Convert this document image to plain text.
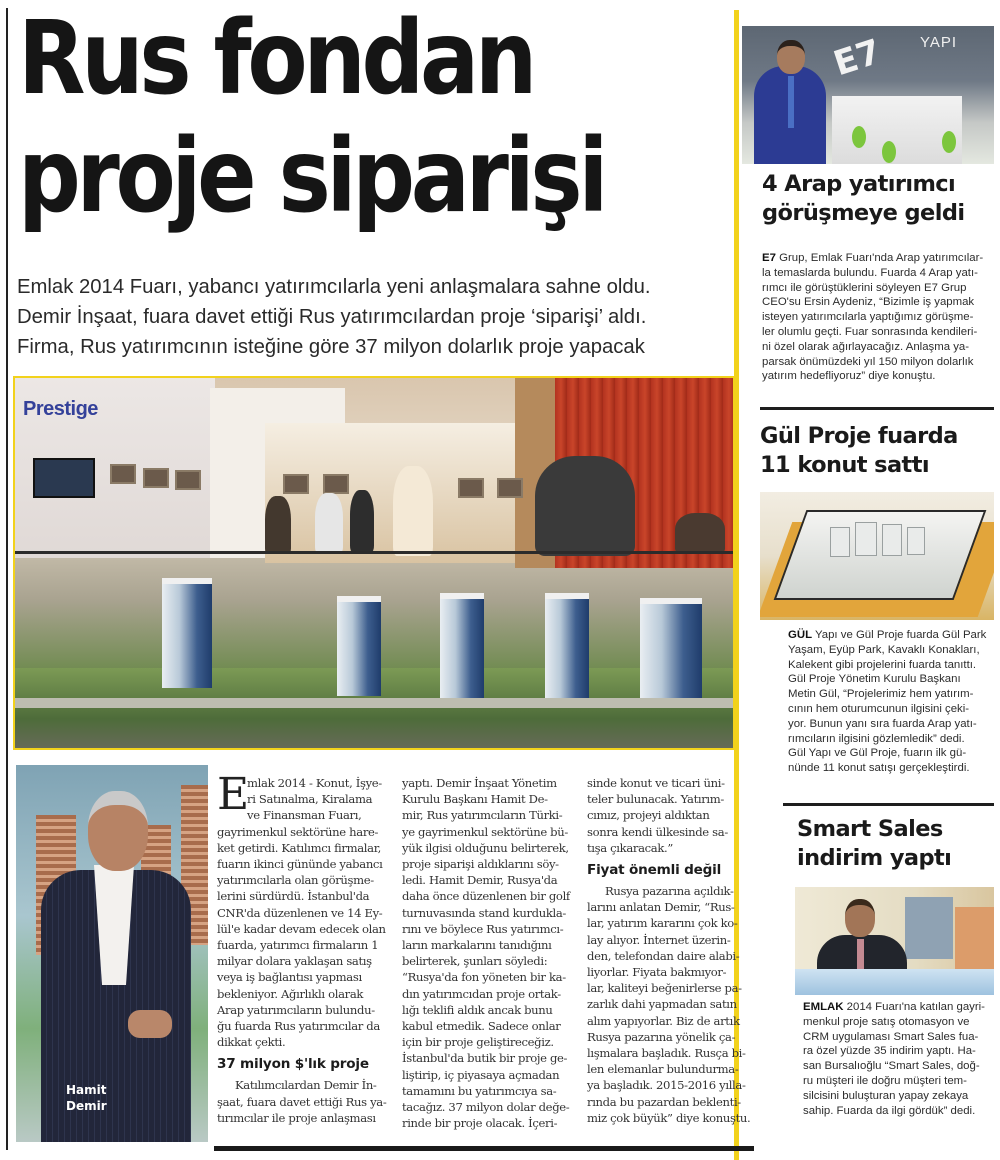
Rus fondan
proje siparişi
Emlak 2014 Fuarı, yabancı yatırımcılarla yeni anlaşmalara sahne oldu.
Demir İnşaat, fuara davet ettiği Rus yatırımcılardan proje ‘siparişi’ aldı.
Firma, Rus yatırımcının isteğine göre 37 milyon dolarlık proje yapacak
Prestige
Hamit
Demir
E
mlak 2014 - Konut, İşye-
ri Satınalma, Kiralama
ve Finansman Fuarı,
gayrimenkul sektörüne hare-
ket getirdi. Katılımcı firmalar,
fuarın ikinci gününde yabancı
yatırımcılarla olan görüşme-
lerini sürdürdü. İstanbul'da
CNR'da düzenlenen ve 14 Ey-
lül'e kadar devam edecek olan
fuarda, yatırımcı firmaların 1
milyar dolara yaklaşan satış
veya iş bağlantısı yapması
bekleniyor. Ağırlıklı olarak
Arap yatırımcıların bulundu-
ğu fuarda Rus yatırımcılar da
dikkat çekti.
37 milyon $'lık proje
Katılımcılardan Demir İn-
şaat, fuara davet ettiği Rus ya-
tırımcılar ile proje anlaşması
yaptı. Demir İnşaat Yönetim
Kurulu Başkanı Hamit De-
mir, Rus yatırımcıların Türki-
ye gayrimenkul sektörüne bü-
yük ilgisi olduğunu belirterek,
proje siparişi aldıklarını söy-
ledi. Hamit Demir, Rusya'da
daha önce düzenlenen bir golf
turnuvasında stand kurdukla-
rını ve böylece Rus yatırımcı-
ların markalarını tanıdığını
belirterek, şunları söyledi:
“Rusya'da fon yöneten bir ka-
dın yatırımcıdan proje ortak-
lığı teklifi aldık ancak bunu
kabul etmedik. Sadece onlar
için bir proje geliştireceğiz.
İstanbul'da butik bir proje ge-
liştirip, iç piyasaya açmadan
tamamını bu yatırımcıya sa-
tacağız. 37 milyon dolar değe-
rinde bir proje olacak. İçeri-
sinde konut ve ticari üni-
teler bulunacak. Yatırım-
cımız, projeyi aldıktan
sonra kendi ülkesinde sa-
tışa çıkaracak.”
Fiyat önemli değil
Rusya pazarına açıldık-
larını anlatan Demir, “Rus-
lar, yatırım kararını çok ko-
lay alıyor. İnternet üzerin-
den, telefondan daire alabi-
liyorlar. Fiyata bakmıyor-
lar, kaliteyi beğenirlerse pa-
zarlık dahi yapmadan satın
alım yapıyorlar. Biz de artık
Rusya pazarına yönelik ça-
lışmalara başladık. Rusça bi-
len elemanlar bulundurma-
ya başladık. 2015-2016 yılla-
rında bu pazardan beklenti-
miz çok büyük” diye konuştu.
E7 YAPI
4 Arap yatırımcı
görüşmeye geldi
E7 Grup, Emlak Fuarı'nda Arap yatırımcılar-
la temaslarda bulundu. Fuarda 4 Arap yatı-
rımcı ile görüştüklerini söyleyen E7 Grup
CEO'su Ersin Aydeniz, “Bizimle iş yapmak
isteyen yatırımcılarla yaptığımız görüşme-
ler olumlu geçti. Fuar sonrasında kendileri-
ni özel olarak ağırlayacağız. Anlaşma ya-
parsak önümüzdeki yıl 150 milyon dolarlık
yatırım hedefliyoruz” diye konuştu.
Gül Proje fuarda
11 konut sattı
GÜL Yapı ve Gül Proje fuarda Gül Park
Yaşam, Eyüp Park, Kavaklı Konakları,
Kalekent gibi projelerini fuarda tanıttı.
Gül Proje Yönetim Kurulu Başkanı
Metin Gül, “Projelerimiz hem yatırım-
cının hem oturumcunun ilgisini çeki-
yor. Bunun yanı sıra fuarda Arap yatı-
rımcıların ilgisini gözlemledik” dedi.
Gül Yapı ve Gül Proje, fuarın ilk gü-
nünde 11 konut satışı gerçekleştirdi.
Smart Sales
indirim yaptı
EMLAK 2014 Fuarı'na katılan gayri-
menkul proje satış otomasyon ve
CRM uygulaması Smart Sales fua-
ra özel yüzde 35 indirim yaptı. Ha-
san Bursalıoğlu “Smart Sales, doğ-
ru müşteri ile doğru müşteri tem-
silcisini buluşturan yapay zekaya
sahip. Fuarda da ilgi gördük” dedi.
